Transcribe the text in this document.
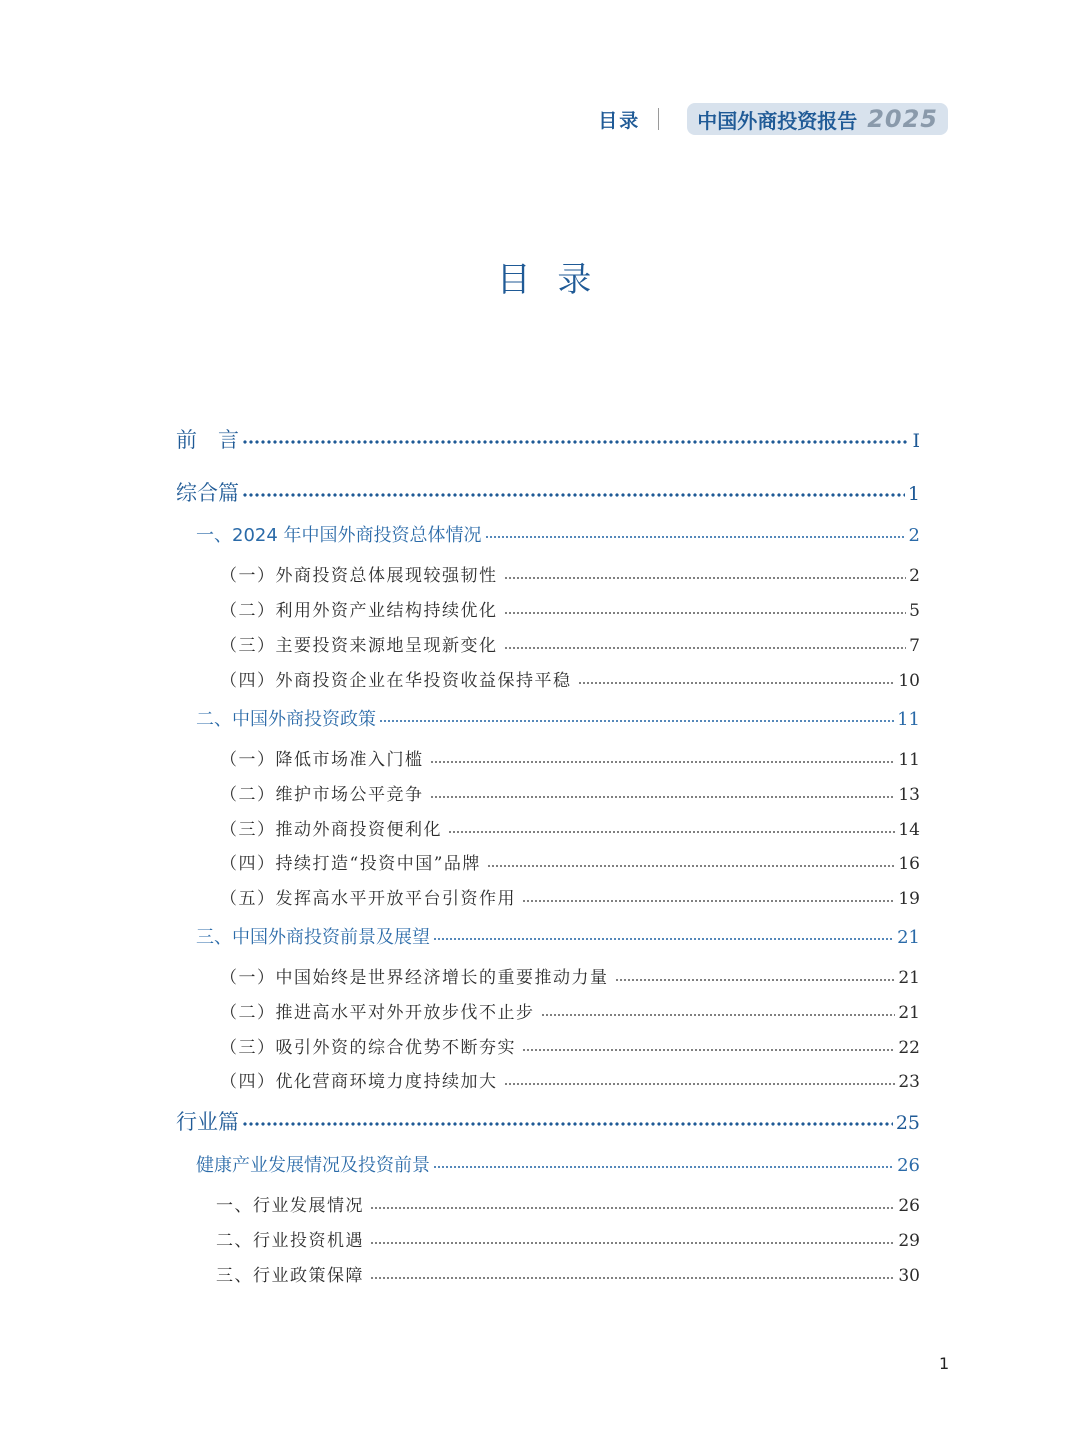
目录	中国外商投资报告 2025
目 录
前　言	I
综合篇	1
一、2024 年中国外商投资总体情况	2
（一）外商投资总体展现较强韧性	2
（二）利用外资产业结构持续优化	5
（三）主要投资来源地呈现新变化	7
（四）外商投资企业在华投资收益保持平稳	10
二、中国外商投资政策	11
（一）降低市场准入门槛	11
（二）维护市场公平竞争	13
（三）推动外商投资便利化	14
（四）持续打造“投资中国”品牌	16
（五）发挥高水平开放平台引资作用	19
三、中国外商投资前景及展望	21
（一）中国始终是世界经济增长的重要推动力量	21
（二）推进高水平对外开放步伐不止步	21
（三）吸引外资的综合优势不断夯实	22
（四）优化营商环境力度持续加大	23
行业篇	25
健康产业发展情况及投资前景	26
一、行业发展情况	26
二、行业投资机遇	29
三、行业政策保障	30
1
